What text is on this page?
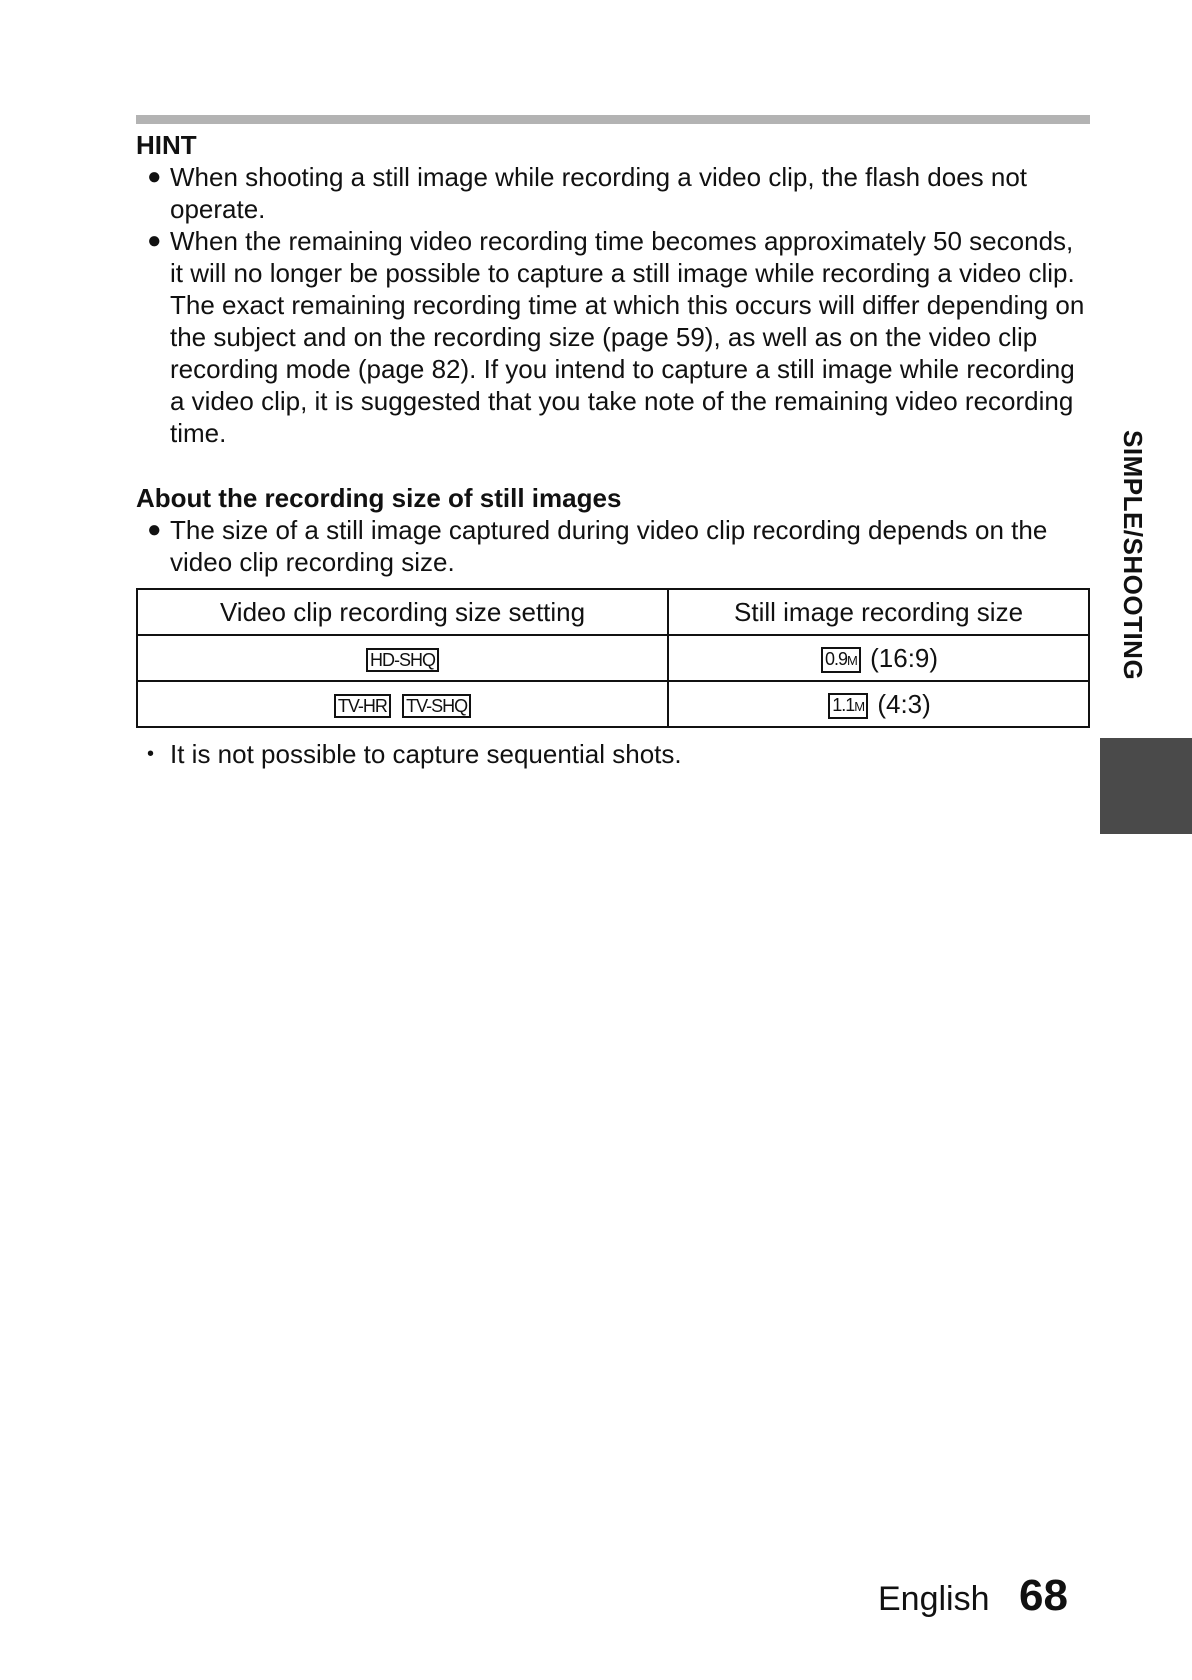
HINT
● When shooting a still image while recording a video clip, the flash does not operate.
● When the remaining video recording time becomes approximately 50 seconds, it will no longer be possible to capture a still image while recording a video clip. The exact remaining recording time at which this occurs will differ depending on the subject and on the recording size (page 59), as well as on the video clip recording mode (page 82). If you intend to capture a still image while recording a video clip, it is suggested that you take note of the remaining video recording time.
About the recording size of still images
● The size of a still image captured during video clip recording depends on the video clip recording size.
Video clip recording size setting	Still image recording size
HD-SHQ	0.9M (16:9)
TV-HR TV-SHQ	1.1M (4:3)
• It is not possible to capture sequential shots.
SIMPLE/SHOOTING
English 68
